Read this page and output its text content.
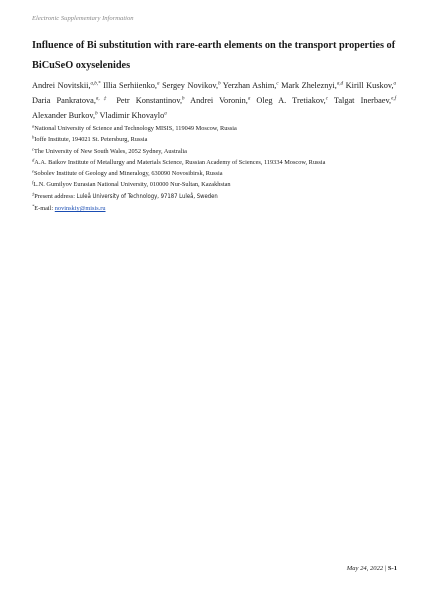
Electronic Supplementary Information
Influence of Bi substitution with rare-earth elements on the transport properties of
BiCuSeO oxyselenides
Andrei Novitskii,$^{a,b,*}$ Illia Serhiienko,$^a$ Sergey Novikov,$^b$ Yerzhan Ashim,$^c$ Mark Zheleznyi,$^{a,d}$ Kirill Kuskov,$^a$ Daria Pankratova,$^{a,\ddagger}$ Petr Konstantinov,$^b$ Andrei Voronin,$^a$ Oleg A. Tretiakov,$^c$ Talgat Inerbaev,$^{e,f}$ Alexander Burkov,$^b$ Vladimir Khovaylo$^a$
$^a$National University of Science and Technology MISIS, 119049 Moscow, Russia
$^b$Ioffe Institute, 194021 St. Petersburg, Russia
$^c$The University of New South Wales, 2052 Sydney, Australia
$^d$A.A. Baikov Institute of Metallurgy and Materials Science, Russian Academy of Sciences, 119334 Moscow, Russia
$^e$Sobolev Institute of Geology and Mineralogy, 630090 Novosibirsk, Russia
$^f$L.N. Gumilyov Eurasian National University, 010000 Nur-Sultan, Kazakhstan
‡Present address: Luleå University of Technology, 97187 Luleå, Sweden
*E-mail: novinskiy@misis.ru
May 24, 2022 | S-1
